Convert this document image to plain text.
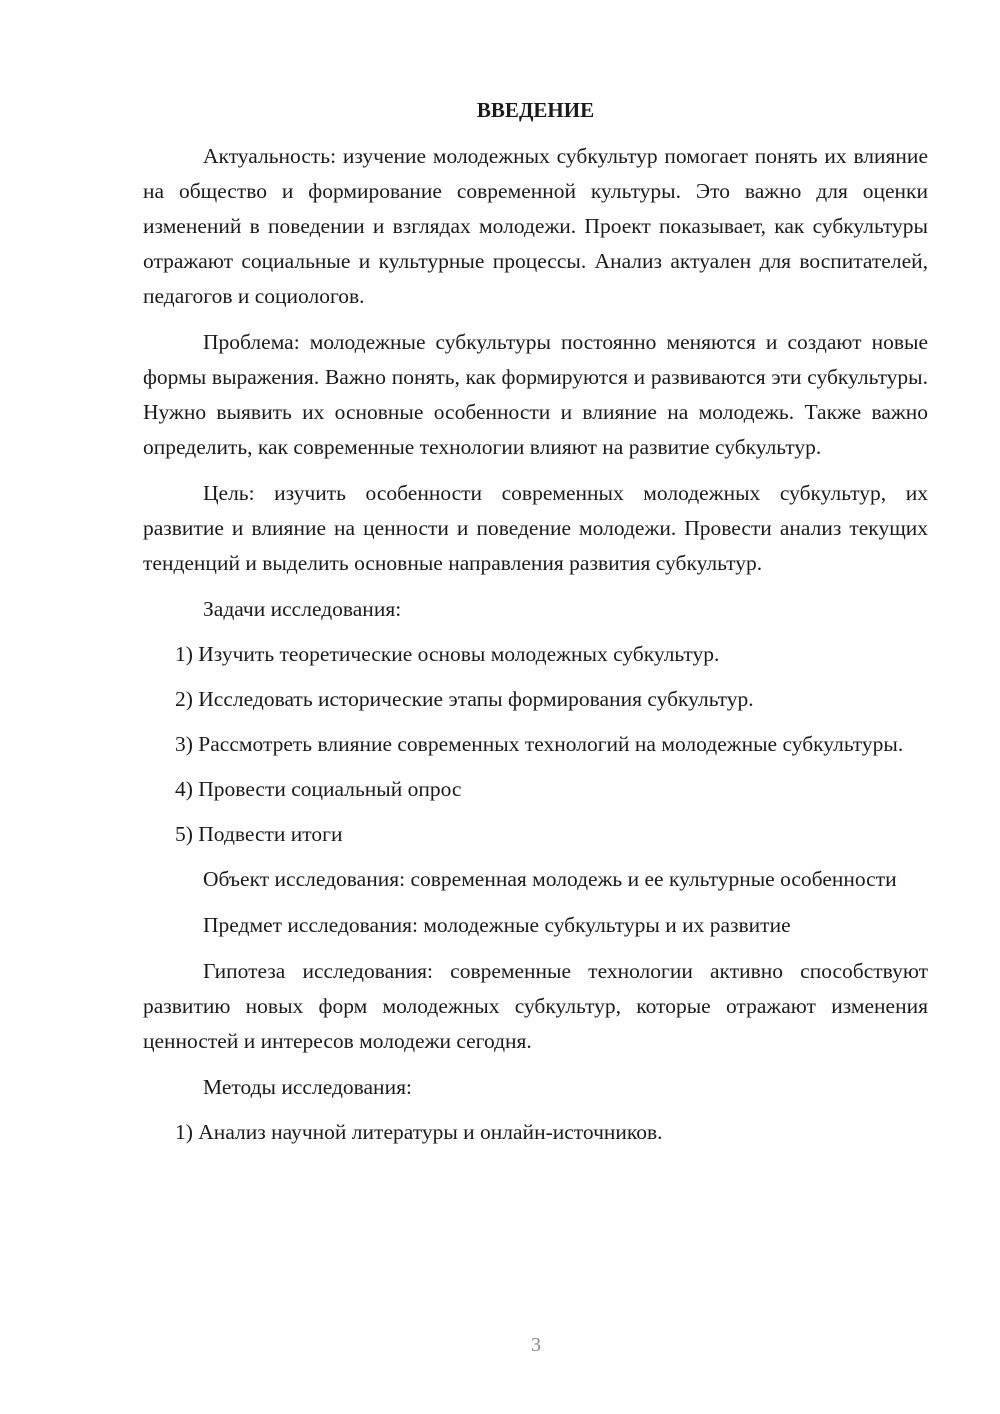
ВВЕДЕНИЕ

Актуальность: изучение молодежных субкультур помогает понять их влияние на общество и формирование современной культуры. Это важно для оценки изменений в поведении и взглядах молодежи. Проект показывает, как субкультуры отражают социальные и культурные процессы. Анализ актуален для воспитателей, педагогов и социологов.

Проблема: молодежные субкультуры постоянно меняются и создают новые формы выражения. Важно понять, как формируются и развиваются эти субкультуры. Нужно выявить их основные особенности и влияние на молодежь. Также важно определить, как современные технологии влияют на развитие субкультур.

Цель: изучить особенности современных молодежных субкультур, их развитие и влияние на ценности и поведение молодежи. Провести анализ текущих тенденций и выделить основные направления развития субкультур.

Задачи исследования:

1) Изучить теоретические основы молодежных субкультур.

2) Исследовать исторические этапы формирования субкультур.

3) Рассмотреть влияние современных технологий на молодежные субкультуры.

4) Провести социальный опрос

5) Подвести итоги

Объект исследования: современная молодежь и ее культурные особенности

Предмет исследования: молодежные субкультуры и их развитие

Гипотеза исследования: современные технологии активно способствуют развитию новых форм молодежных субкультур, которые отражают изменения ценностей и интересов молодежи сегодня.

Методы исследования:

1) Анализ научной литературы и онлайн-источников.

3
